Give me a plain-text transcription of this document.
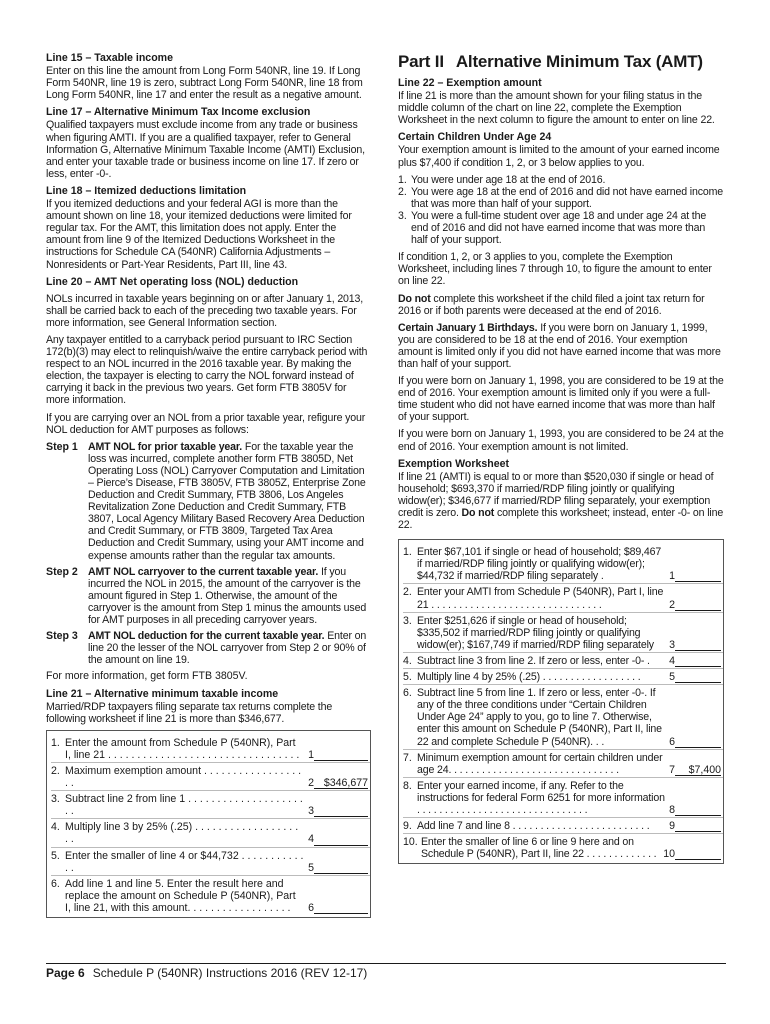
Line 15 – Taxable income

Enter on this line the amount from Long Form 540NR, line 19. If Long Form 540NR, line 19 is zero, subtract Long Form 540NR, line 18 from Long Form 540NR, line 17 and enter the result as a negative amount.

Line 17 – Alternative Minimum Tax Income exclusion

Qualified taxpayers must exclude income from any trade or business when figuring AMTI. If you are a qualified taxpayer, refer to General Information G, Alternative Minimum Taxable Income (AMTI) Exclusion, and enter your taxable trade or business income on line 17. If zero or less, enter -0-.

Line 18 – Itemized deductions limitation

If you itemized deductions and your federal AGI is more than the amount shown on line 18, your itemized deductions were limited for regular tax. For the AMT, this limitation does not apply. Enter the amount from line 9 of the Itemized Deductions Worksheet in the instructions for Schedule CA (540NR) California Adjustments – Nonresidents or Part-Year Residents, Part III, line 43.

Line 20 – AMT Net operating loss (NOL) deduction

NOLs incurred in taxable years beginning on or after January 1, 2013, shall be carried back to each of the preceding two taxable years. For more information, see General Information section.

Any taxpayer entitled to a carryback period pursuant to IRC Section 172(b)(3) may elect to relinquish/waive the entire carryback period with respect to an NOL incurred in the 2016 taxable year. By making the election, the taxpayer is electing to carry the NOL forward instead of carrying it back in the previous two years. Get form FTB 3805V for more information.

If you are carrying over an NOL from a prior taxable year, refigure your NOL deduction for AMT purposes as follows:

Step 1 AMT NOL for prior taxable year. For the taxable year the loss was incurred, complete another form FTB 3805D, Net Operating Loss (NOL) Carryover Computation and Limitation – Pierce’s Disease, FTB 3805V, FTB 3805Z, Enterprise Zone Deduction and Credit Summary, FTB 3806, Los Angeles Revitalization Zone Deduction and Credit Summary, FTB 3807, Local Agency Military Based Recovery Area Deduction and Credit Summary, or FTB 3809, Targeted Tax Area Deduction and Credit Summary, using your AMT income and expense amounts rather than the regular tax amounts.
Step 2 AMT NOL carryover to the current taxable year. If you incurred the NOL in 2015, the amount of the carryover is the amount figured in Step 1. Otherwise, the amount of the carryover is the amount from Step 1 minus the amounts used for AMT purposes in all preceding carryover years.
Step 3 AMT NOL deduction for the current taxable year. Enter on line 20 the lesser of the NOL carryover from Step 2 or 90% of the amount on line 19.

For more information, get form FTB 3805V.

Line 21 – Alternative minimum taxable income

Married/RDP taxpayers filing separate tax returns complete the following worksheet if line 21 is more than $346,677.

1. Enter the amount from Schedule P (540NR), Part I, line 21 . . . . . . . . . . . . . . . . . . . . . . . . . . . . . . . . . 1
2. Maximum exemption amount . . . . . . . . . . . . . . . . . . .	2 $346,677
3. Subtract line 2 from line 1 . . . . . . . . . . . . . . . . . . . . . .	3
4. Multiply line 3 by 25% (.25) . . . . . . . . . . . . . . . . . . . .	4
5. Enter the smaller of line 4 or $44,732 . . . . . . . . . . . . .	5
6. Add line 1 and line 5. Enter the result here and replace the amount on Schedule P (540NR), Part I, line 21, with this amount. . . . . . . . . . . . . . . . . .	6
Part II Alternative Minimum Tax (AMT)

Line 22 – Exemption amount

If line 21 is more than the amount shown for your filing status in the middle column of the chart on line 22, complete the Exemption Worksheet in the next column to figure the amount to enter on line 22.

Certain Children Under Age 24

Your exemption amount is limited to the amount of your earned income plus $7,400 if condition 1, 2, or 3 below applies to you.

1. You were under age 18 at the end of 2016.
2. You were age 18 at the end of 2016 and did not have earned income that was more than half of your support.
3. You were a full-time student over age 18 and under age 24 at the end of 2016 and did not have earned income that was more than half of your support.

If condition 1, 2, or 3 applies to you, complete the Exemption Worksheet, including lines 7 through 10, to figure the amount to enter on line 22.

Do not complete this worksheet if the child filed a joint tax return for 2016 or if both parents were deceased at the end of 2016.

Certain January 1 Birthdays. If you were born on January 1, 1999, you are considered to be 18 at the end of 2016. Your exemption amount is limited only if you did not have earned income that was more than half of your support.

If you were born on January 1, 1998, you are considered to be 19 at the end of 2016. Your exemption amount is limited only if you were a full-time student who did not have earned income that was more than half of your support.

If you were born on January 1, 1993, you are considered to be 24 at the end of 2016. Your exemption amount is not limited.

Exemption Worksheet

If line 21 (AMTI) is equal to or more than $520,030 if single or head of household; $693,370 if married/RDP filing jointly or qualifying widow(er); $346,677 if married/RDP filing separately, your exemption credit is zero. Do not complete this worksheet; instead, enter -0- on line 22.

1. Enter $67,101 if single or head of household; $89,467 if married/RDP filing jointly or qualifying widow(er); $44,732 if married/RDP filing separately .	1
2. Enter your AMTI from Schedule P (540NR), Part I, line 21 . . . . . . . . . . . . . . . . . . . . . . . . . . . . . . .	2
3. Enter $251,626 if single or head of household; $335,502 if married/RDP filing jointly or qualifying widow(er); $167,749 if married/RDP filing separately	3
4. Subtract line 3 from line 2. If zero or less, enter -0- .	4
5. Multiply line 4 by 25% (.25) . . . . . . . . . . . . . . . . . .	5
6. Subtract line 5 from line 1. If zero or less, enter -0-. If any of the three conditions under “Certain Children Under Age 24” apply to you, go to line 7. Otherwise, enter this amount on Schedule P (540NR), Part II, line 22 and complete Schedule P (540NR). . .	6
7. Minimum exemption amount for certain children under age 24. . . . . . . . . . . . . . . . . . . . . . . . . . . . . . .	7	$7,400
8. Enter your earned income, if any. Refer to the instructions for federal Form 6251 for more information . . . . . . . . . . . . . . . . . . . . . . . . . . . . . . .	8
9. Add line 7 and line 8 . . . . . . . . . . . . . . . . . . . . . . . . .	9
10. Enter the smaller of line 6 or line 9 here and on Schedule P (540NR), Part II, line 22 . . . . . . . . . . . . . 10
Page 6 Schedule P (540NR) Instructions 2016 (REV 12-17)
